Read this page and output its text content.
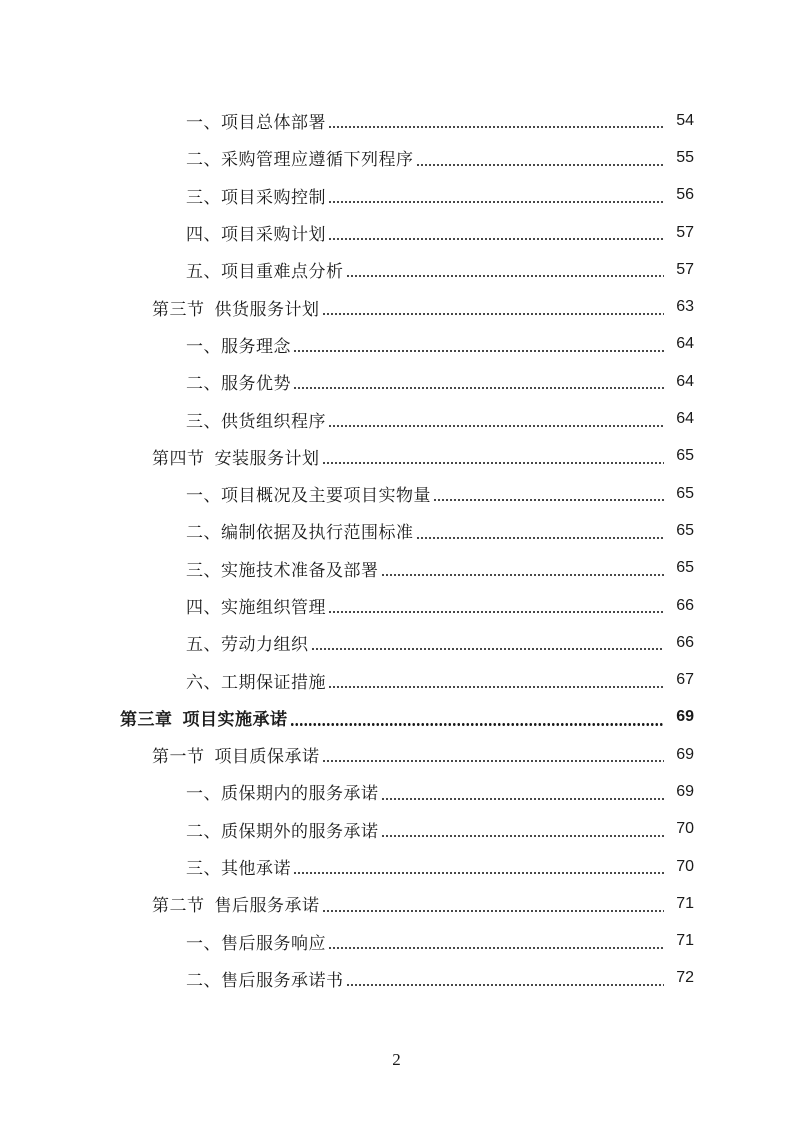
一、项目总体部署	54
二、采购管理应遵循下列程序	55
三、项目采购控制	56
四、项目采购计划	57
五、项目重难点分析	57
第三节 供货服务计划	63
一、服务理念	64
二、服务优势	64
三、供货组织程序	64
第四节 安装服务计划	65
一、项目概况及主要项目实物量	65
二、编制依据及执行范围标准	65
三、实施技术准备及部署	65
四、实施组织管理	66
五、劳动力组织	66
六、工期保证措施	67
第三章 项目实施承诺	69
第一节 项目质保承诺	69
一、质保期内的服务承诺	69
二、质保期外的服务承诺	70
三、其他承诺	70
第二节 售后服务承诺	71
一、售后服务响应	71
二、售后服务承诺书	72
2
